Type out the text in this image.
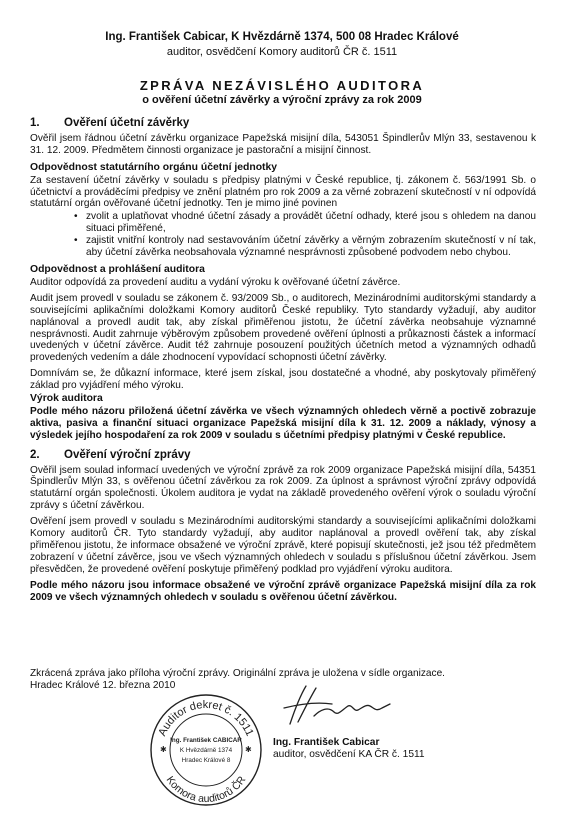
Ing. František Cabicar, K Hvězdárně 1374, 500 08 Hradec Králové
auditor, osvědčení Komory auditorů ČR č. 1511
ZPRÁVA NEZÁVISLÉHO AUDITORA
o ověření účetní závěrky a výroční zprávy za rok 2009
1. Ověření účetní závěrky

Ověřil jsem řádnou účetní závěrku organizace Papežská misijní díla, 543051 Špindlerův Mlýn 33, sestavenou k 31. 12. 2009. Předmětem činnosti organizace je pastorační a misijní činnost.

Odpovědnost statutárního orgánu účetní jednotky

Za sestavení účetní závěrky v souladu s předpisy platnými v České republice, tj. zákonem č. 563/1991 Sb. o účetnictví a prováděcími předpisy ve znění platném pro rok 2009 a za věrné zobrazení skutečností v ní odpovídá statutární orgán ověřované účetní jednotky. Ten je mimo jiné povinen

• zvolit a uplatňovat vhodné účetní zásady a provádět účetní odhady, které jsou s ohledem na danou situaci přiměřené,
• zajistit vnitřní kontroly nad sestavováním účetní závěrky a věrným zobrazením skutečností v ní tak, aby účetní závěrka neobsahovala významné nesprávnosti způsobené podvodem nebo chybou.
Odpovědnost a prohlášení auditora

Auditor odpovídá za provedení auditu a vydání výroku k ověřované účetní závěrce.

Audit jsem provedl v souladu se zákonem č. 93/2009 Sb., o auditorech, Mezinárodními auditorskými standardy a souvisejícími aplikačními doložkami Komory auditorů České republiky. Tyto standardy vyžadují, aby auditor naplánoval a provedl audit tak, aby získal přiměřenou jistotu, že účetní závěrka neobsahuje významné nesprávnosti. Audit zahrnuje výběrovým způsobem provedené ověření úplnosti a průkaznosti částek a informací uvedených v účetní závěrce. Audit též zahrnuje posouzení použitých účetních metod a významných odhadů provedených vedením a dále zhodnocení vypovídací schopnosti účetní závěrky.

Domnívám se, že důkazní informace, které jsem získal, jsou dostatečné a vhodné, aby poskytovaly přiměřený základ pro vyjádření mého výroku.

Výrok auditora

Podle mého názoru přiložená účetní závěrka ve všech významných ohledech věrně a poctivě zobrazuje aktiva, pasiva a finanční situaci organizace Papežská misijní díla k 31. 12. 2009 a náklady, výnosy a výsledek jejího hospodaření za rok 2009 v souladu s účetními předpisy platnými v České republice.

2. Ověření výroční zprávy

Ověřil jsem soulad informací uvedených ve výroční zprávě za rok 2009 organizace Papežská misijní díla, 54351 Špindlerův Mlýn 33, s ověřenou účetní závěrkou za rok 2009. Za úplnost a správnost výroční zprávy odpovídá statutární orgán společnosti. Úkolem auditora je vydat na základě provedeného ověření výrok o souladu výroční zprávy s účetní závěrkou.

Ověření jsem provedl v souladu s Mezinárodními auditorskými standardy a souvisejícími aplikačními doložkami Komory auditorů ČR. Tyto standardy vyžadují, aby auditor naplánoval a provedl ověření tak, aby získal přiměřenou jistotu, že informace obsažené ve výroční zprávě, které popisují skutečnosti, jež jsou též předmětem zobrazení v účetní závěrce, jsou ve všech významných ohledech v souladu s příslušnou účetní závěrkou. Jsem přesvědčen, že provedené ověření poskytuje přiměřený podklad pro vyjádření výroku auditora.

Podle mého názoru jsou informace obsažené ve výroční zprávě organizace Papežská misijní díla za rok 2009 ve všech významných ohledech v souladu s ověřenou účetní závěrkou.

Zkrácená zpráva jako příloha výroční zprávy. Originální zpráva je uložena v sídle organizace.
Hradec Králové 12. března 2010
Ing. František Cabicar
auditor, osvědčení KA ČR č. 1511
Auditor dekret č. 1511
Komora auditorů ČR
✱	✱
Ing. František CABICAR
K Hvězdárně 1374
Hradec Králové 8
